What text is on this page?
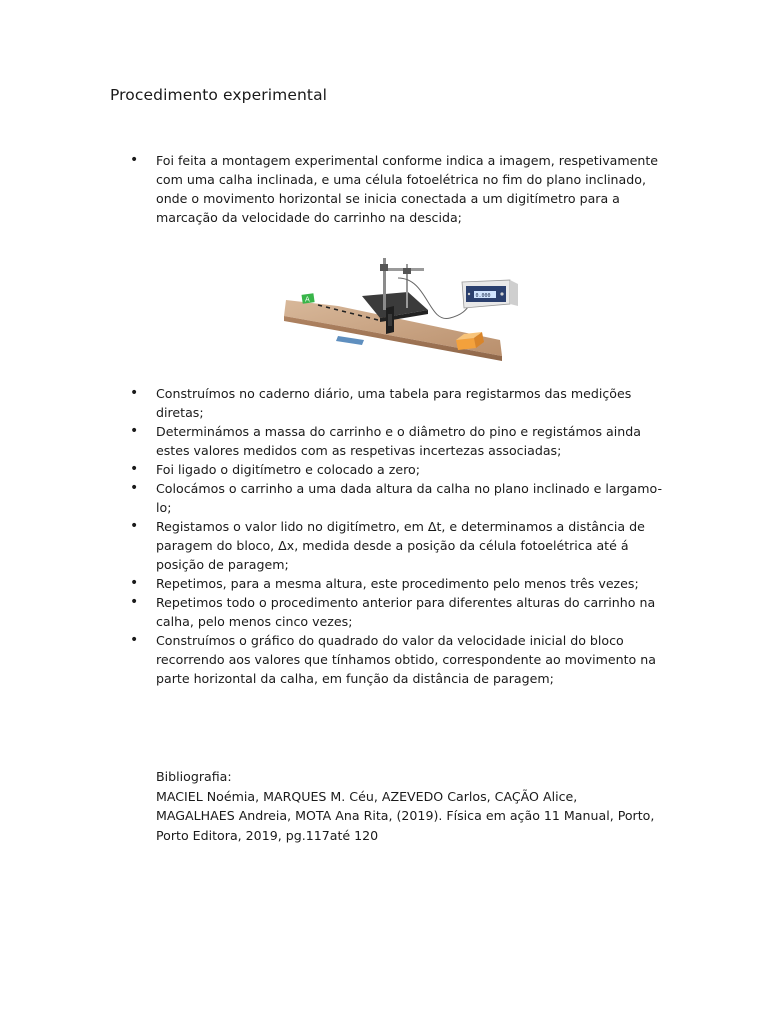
Procedimento experimental
• Foi feita a montagem experimental conforme indica a imagem, respetivamente
com uma calha inclinada, e uma célula fotoelétrica no fim do plano inclinado,
onde o movimento horizontal se inicia conectada a um digitímetro para a
marcação da velocidade do carrinho na descida;
A	0.000
• Construímos no caderno diário, uma tabela para registarmos das medições
diretas;
• Determinámos a massa do carrinho e o diâmetro do pino e registámos ainda
estes valores medidos com as respetivas incertezas associadas;
• Foi ligado o digitímetro e colocado a zero;
• Colocámos o carrinho a uma dada altura da calha no plano inclinado e largamo-
lo;
• Registamos o valor lido no digitímetro, em Δt, e determinamos a distância de
paragem do bloco, Δx, medida desde a posição da célula fotoelétrica até á
posição de paragem;
• Repetimos, para a mesma altura, este procedimento pelo menos três vezes;
• Repetimos todo o procedimento anterior para diferentes alturas do carrinho na
calha, pelo menos cinco vezes;
• Construímos o gráfico do quadrado do valor da velocidade inicial do bloco
recorrendo aos valores que tínhamos obtido, correspondente ao movimento na
parte horizontal da calha, em função da distância de paragem;
Bibliografia:
MACIEL Noémia, MARQUES M. Céu, AZEVEDO Carlos, CAÇÃO Alice,
MAGALHAES Andreia, MOTA Ana Rita, (2019). Física em ação 11 Manual, Porto,
Porto Editora, 2019, pg.117até 120
